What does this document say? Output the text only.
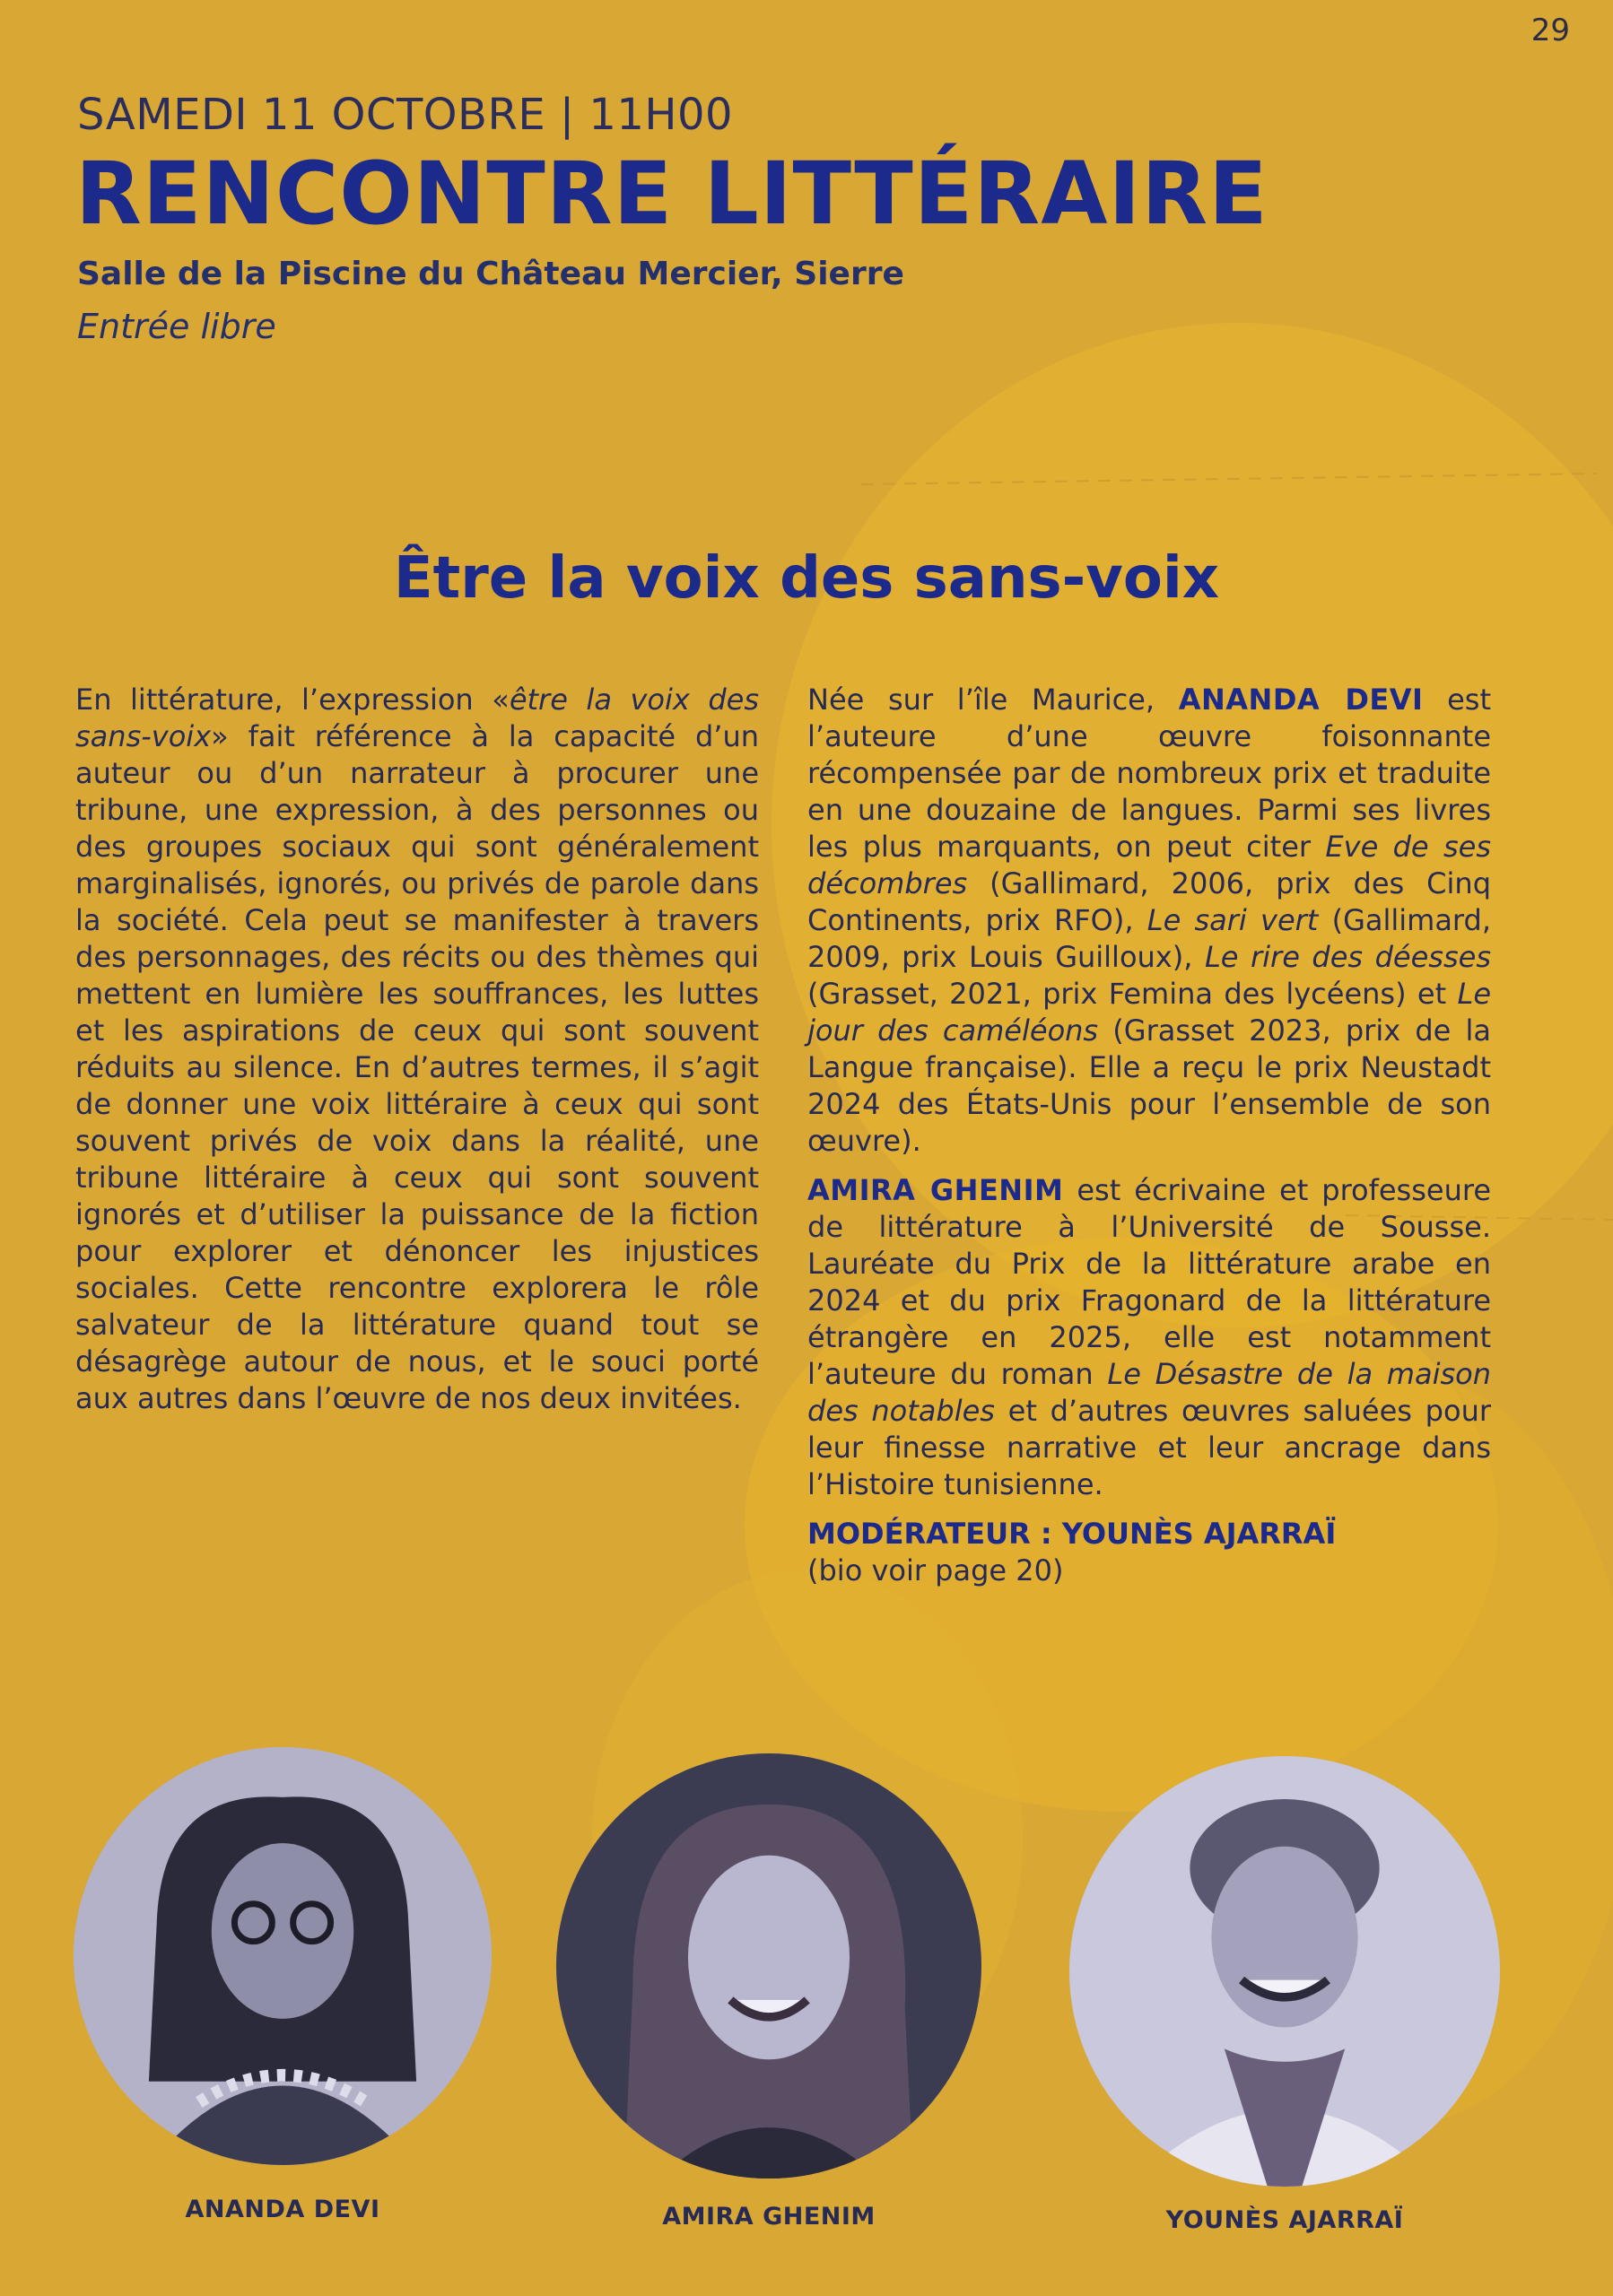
29
SAMEDI 11 OCTOBRE | 11H00
RENCONTRE LITTÉRAIRE
Salle de la Piscine du Château Mercier, Sierre
Entrée libre
Être la voix des sans-voix

En littérature, l’expression «être la voix des sans-voix» fait référence à la capacité d’un auteur ou d’un narrateur à procurer une tribune, une expression, à des personnes ou des groupes sociaux qui sont généralement marginalisés, ignorés, ou privés de parole dans la société. Cela peut se manifester à travers des personnages, des récits ou des thèmes qui mettent en lumière les souffrances, les luttes et les aspirations de ceux qui sont souvent réduits au silence. En d’autres termes, il s’agit de donner une voix littéraire à ceux qui sont souvent privés de voix dans la réalité, une tribune littéraire à ceux qui sont souvent ignorés et d’utiliser la puissance de la fiction pour explorer et dénoncer les injustices sociales. Cette rencontre explorera le rôle salvateur de la littérature quand tout se désagrège autour de nous, et le souci porté aux autres dans l’œuvre de nos deux invitées.

Née sur l’île Maurice, ANANDA DEVI est l’auteure d’une œuvre foisonnante récompensée par de nombreux prix et traduite en une douzaine de langues. Parmi ses livres les plus marquants, on peut citer Eve de ses décombres (Gallimard, 2006, prix des Cinq Continents, prix RFO), Le sari vert (Gallimard, 2009, prix Louis Guilloux), Le rire des déesses (Grasset, 2021, prix Femina des lycéens) et Le jour des caméléons (Grasset 2023, prix de la Langue française). Elle a reçu le prix Neustadt 2024 des États-Unis pour l’ensemble de son œuvre).

AMIRA GHENIM est écrivaine et professeure de littérature à l’Université de Sousse. Lauréate du Prix de la littérature arabe en 2024 et du prix Fragonard de la littérature étrangère en 2025, elle est notamment l’auteure du roman Le Désastre de la maison des notables et d’autres œuvres saluées pour leur finesse narrative et leur ancrage dans l’Histoire tunisienne.

MODÉRATEUR : YOUNÈS AJARRAÏ
(bio voir page 20)
ANANDA DEVI	AMIRA GHENIM	YOUNÈS AJARRAÏ
